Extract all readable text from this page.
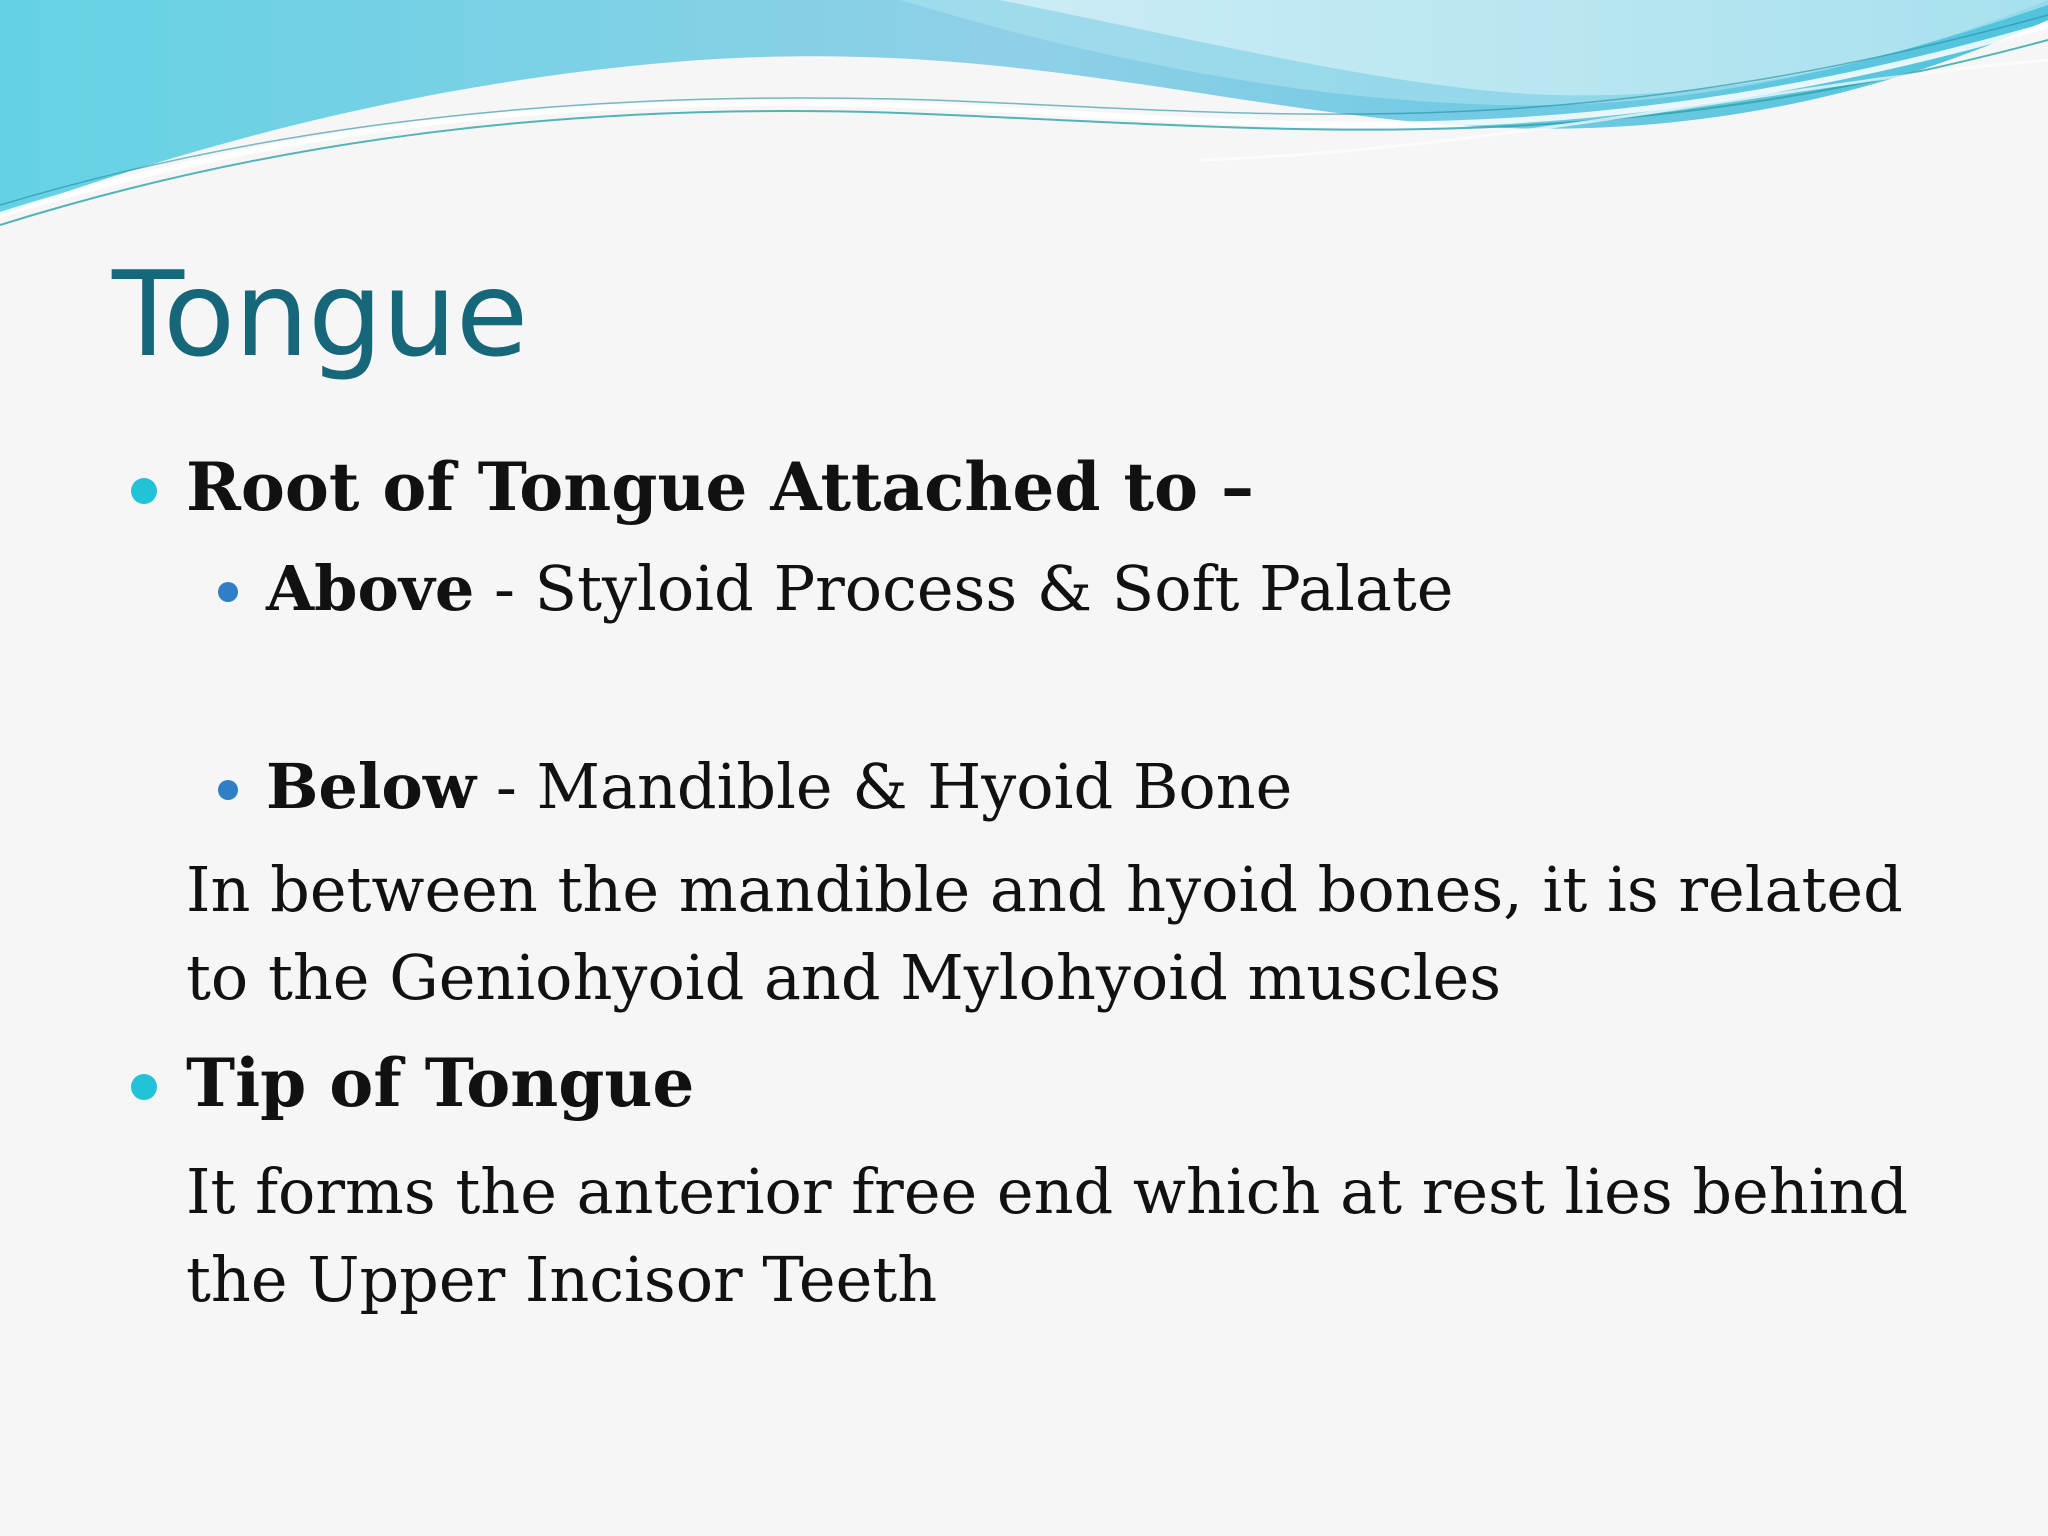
Tongue
Root of Tongue Attached to –
Above - Styloid Process & Soft Palate
Below - Mandible & Hyoid Bone
In between the mandible and hyoid bones, it is related to the Geniohyoid and Mylohyoid muscles
Tip of Tongue
It forms the anterior free end which at rest lies behind the Upper Incisor Teeth
